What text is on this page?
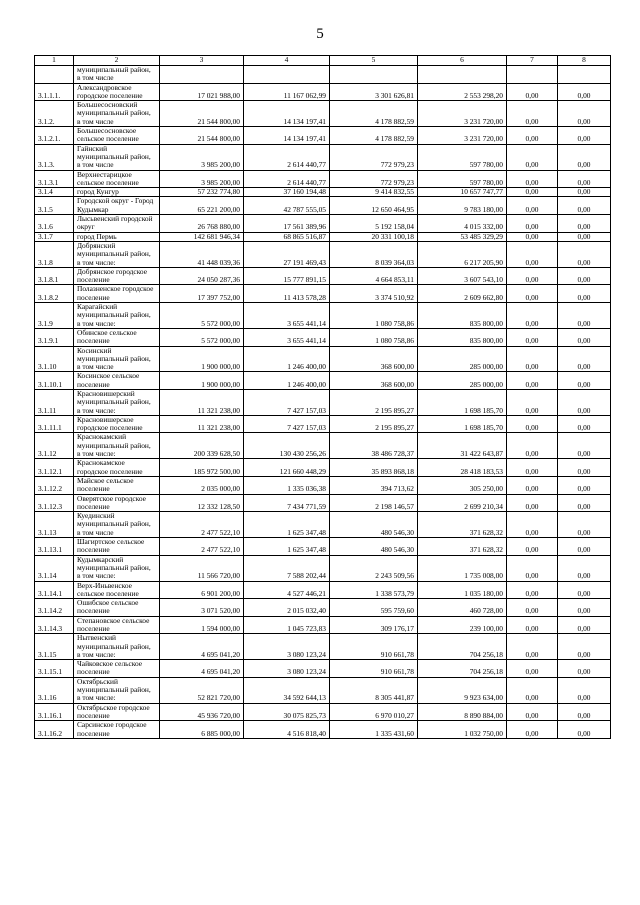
5
1	2	3	4	5	6	7	8
	муниципальный район, в том числе						
3.1.1.1.	Александровское городское поселение	17 021 988,00	11 167 062,99	3 301 626,81	2 553 298,20	0,00	0,00
3.1.2.	Большесосновский муниципальный район, в том числе	21 544 800,00	14 134 197,41	4 178 882,59	3 231 720,00	0,00	0,00
3.1.2.1.	Большесосновское сельское поселение	21 544 800,00	14 134 197,41	4 178 882,59	3 231 720,00	0,00	0,00
3.1.3.	Гайнский муниципальный район, в том числе	3 985 200,00	2 614 440,77	772 979,23	597 780,00	0,00	0,00
3.1.3.1	Верхнестарицкое сельское поселение	3 985 200,00	2 614 440,77	772 979,23	597 780,00	0,00	0,00
3.1.4	город Кунгур	57 232 774,80	37 160 194,48	9 414 832,55	10 657 747,77	0,00	0,00
3.1.5	Городской округ - Город Кудымкар	65 221 200,00	42 787 555,05	12 650 464,95	9 783 180,00	0,00	0,00
3.1.6	Лысьвенский городской округ	26 768 880,00	17 561 389,96	5 192 158,04	4 015 332,00	0,00	0,00
3.1.7	город Пермь	142 681 946,34	68 865 516,87	20 331 100,18	53 485 329,29	0,00	0,00
3.1.8	Добрянский муниципальный район, в том числе:	41 448 039,36	27 191 469,43	8 039 364,03	6 217 205,90	0,00	0,00
3.1.8.1	Добрянское городское поселение	24 050 287,36	15 777 891,15	4 664 853,11	3 607 543,10	0,00	0,00
3.1.8.2	Полазненское городское поселение	17 397 752,00	11 413 578,28	3 374 510,92	2 609 662,80	0,00	0,00
3.1.9	Карагайский муниципальный район, в том числе:	5 572 000,00	3 655 441,14	1 080 758,86	835 800,00	0,00	0,00
3.1.9.1	Обинское сельское поселение	5 572 000,00	3 655 441,14	1 080 758,86	835 800,00	0,00	0,00
3.1.10	Косинский муниципальный район, в том числе	1 900 000,00	1 246 400,00	368 600,00	285 000,00	0,00	0,00
3.1.10.1	Косинское сельское поселение	1 900 000,00	1 246 400,00	368 600,00	285 000,00	0,00	0,00
3.1.11	Красновишерский муниципальный район, в том числе:	11 321 238,00	7 427 157,03	2 195 895,27	1 698 185,70	0,00	0,00
3.1.11.1	Красновишерское городское поселение	11 321 238,00	7 427 157,03	2 195 895,27	1 698 185,70	0,00	0,00
3.1.12	Краснокамский муниципальный район, в том числе:	200 339 628,50	130 430 256,26	38 486 728,37	31 422 643,87	0,00	0,00
3.1.12.1	Краснокамское городское поселение	185 972 500,00	121 660 448,29	35 893 868,18	28 418 183,53	0,00	0,00
3.1.12.2	Майское сельское поселение	2 035 000,00	1 335 036,38	394 713,62	305 250,00	0,00	0,00
3.1.12.3	Оверятское городское поселение	12 332 128,50	7 434 771,59	2 198 146,57	2 699 210,34	0,00	0,00
3.1.13	Куединский муниципальный район, в том числе	2 477 522,10	1 625 347,48	480 546,30	371 628,32	0,00	0,00
3.1.13.1	Шагиртское сельское поселение	2 477 522,10	1 625 347,48	480 546,30	371 628,32	0,00	0,00
3.1.14	Кудымкарский муниципальный район, в том числе:	11 566 720,00	7 588 202,44	2 243 509,56	1 735 008,00	0,00	0,00
3.1.14.1	Верх-Иньвенское сельское поселение	6 901 200,00	4 527 446,21	1 338 573,79	1 035 180,00	0,00	0,00
3.1.14.2	Ошибское сельское поселение	3 071 520,00	2 015 032,40	595 759,60	460 728,00	0,00	0,00
3.1.14.3	Степановское сельское поселение	1 594 000,00	1 045 723,83	309 176,17	239 100,00	0,00	0,00
3.1.15	Нытвенский муниципальный район, в том числе:	4 695 041,20	3 080 123,24	910 661,78	704 256,18	0,00	0,00
3.1.15.1	Чайковское сельское поселение	4 695 041,20	3 080 123,24	910 661,78	704 256,18	0,00	0,00
3.1.16	Октябрьский муниципальный район, в том числе:	52 821 720,00	34 592 644,13	8 305 441,87	9 923 634,00	0,00	0,00
3.1.16.1	Октябрьское городское поселение	45 936 720,00	30 075 825,73	6 970 010,27	8 890 884,00	0,00	0,00
3.1.16.2	Сарсинское городское поселение	6 885 000,00	4 516 818,40	1 335 431,60	1 032 750,00	0,00	0,00
